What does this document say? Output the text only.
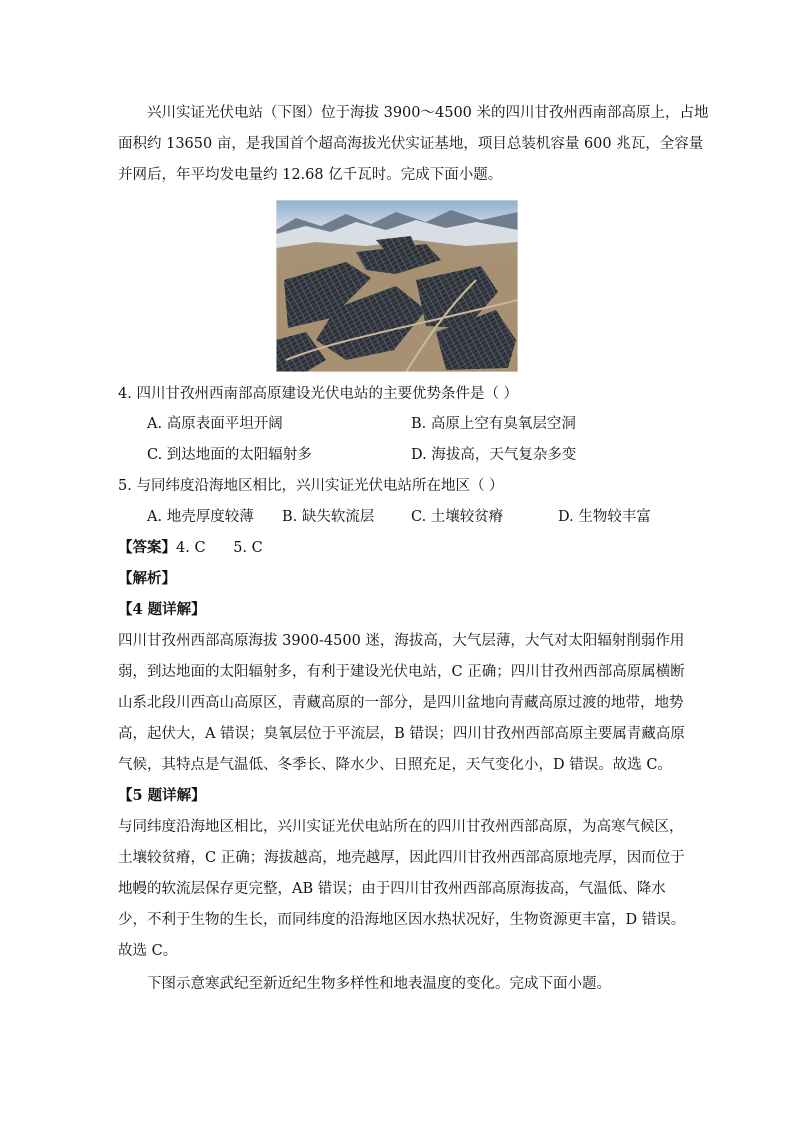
兴川实证光伏电站（下图）位于海拔 3900～4500 米的四川甘孜州西南部高原上，占地
面积约 13650 亩，是我国首个超高海拔光伏实证基地，项目总装机容量 600 兆瓦，全容量
并网后，年平均发电量约 12.68 亿千瓦时。完成下面小题。
4. 四川甘孜州西南部高原建设光伏电站的主要优势条件是（ ）
A. 高原表面平坦开阔	B. 高原上空有臭氧层空洞
C. 到达地面的太阳辐射多	D. 海拔高，天气复杂多变
5. 与同纬度沿海地区相比，兴川实证光伏电站所在地区（ ）
A. 地壳厚度较薄 B. 缺失软流层	C. 土壤较贫瘠	D. 生物较丰富
【答案】4. C      5. C
【解析】
【4 题详解】
四川甘孜州西部高原海拔 3900-4500 迷，海拔高，大气层薄，大气对太阳辐射削弱作用
弱，到达地面的太阳辐射多，有利于建设光伏电站，C 正确；四川甘孜州西部高原属横断
山系北段川西高山高原区，青藏高原的一部分，是四川盆地向青藏高原过渡的地带，地势
高，起伏大，A 错误；臭氧层位于平流层，B 错误；四川甘孜州西部高原主要属青藏高原
气候，其特点是气温低、冬季长、降水少、日照充足，天气变化小，D 错误。故选 C。
【5 题详解】
与同纬度沿海地区相比，兴川实证光伏电站所在的四川甘孜州西部高原，为高寒气候区，
土壤较贫瘠，C 正确；海拔越高，地壳越厚，因此四川甘孜州西部高原地壳厚，因而位于
地幔的软流层保存更完整，AB 错误；由于四川甘孜州西部高原海拔高，气温低、降水
少，不利于生物的生长，而同纬度的沿海地区因水热状况好，生物资源更丰富，D 错误。
故选 C。
下图示意寒武纪至新近纪生物多样性和地表温度的变化。完成下面小题。
